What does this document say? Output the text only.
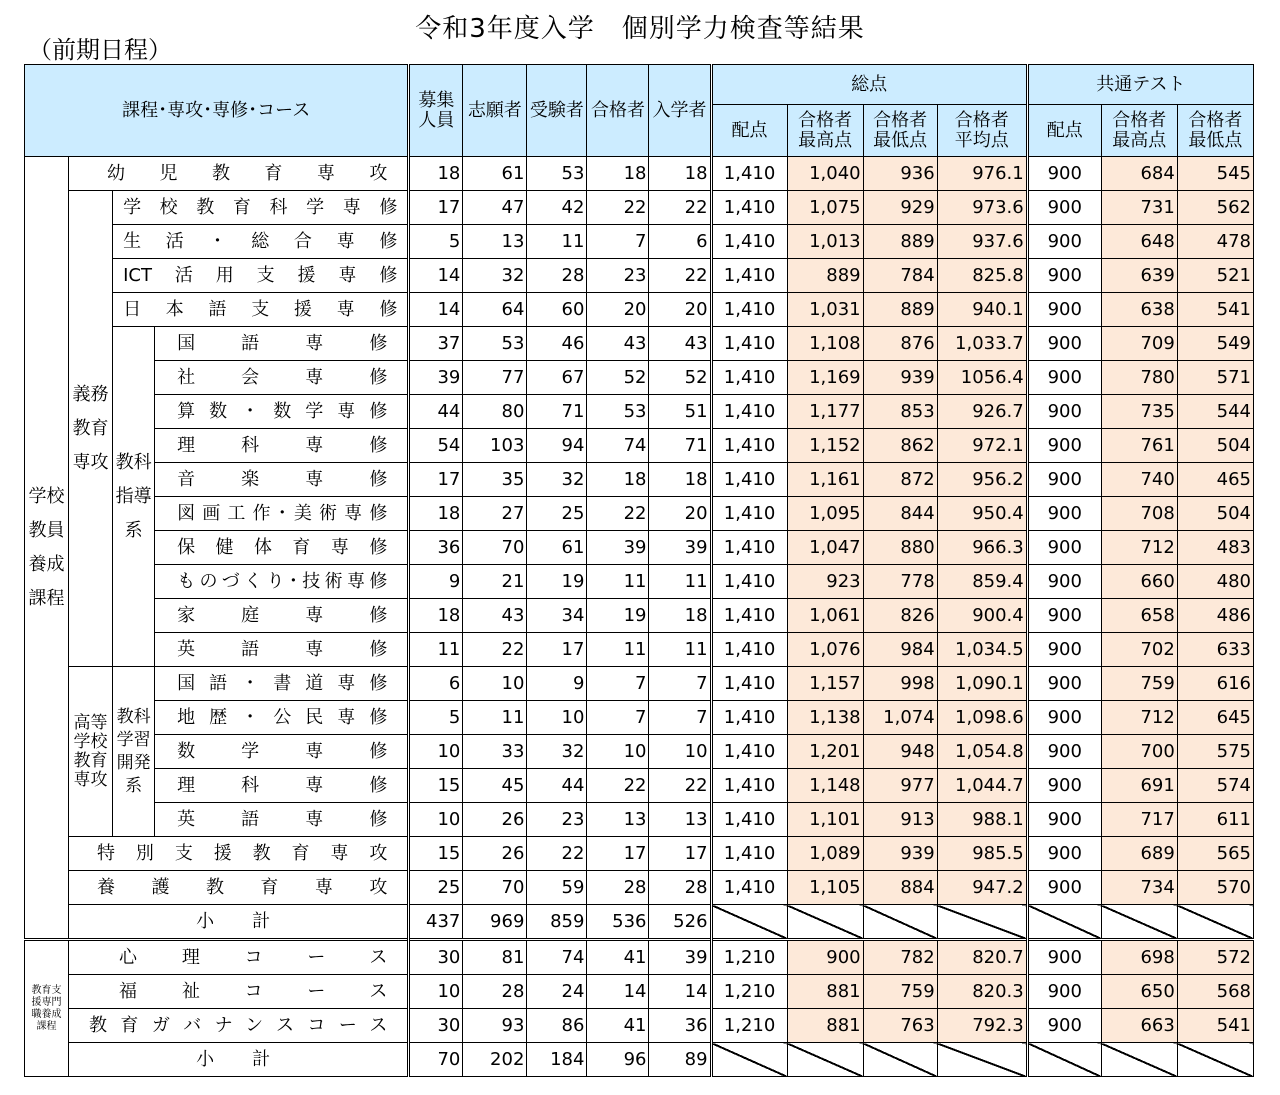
令和3年度入学　個別学力検査等結果
（前期日程）
課程･専攻･専修･コース				募集人員	志願者	受験者	合格者	入学者	総点				共通テスト		
									配点	合格者最高点	合格者最低点	合格者平均点	配点	合格者最高点	合格者最低点
学校教員養成課程	幼　児　教　育　専　攻			18	61	53	18	18	1,410	1,040	936	976.1	900	684	545
	義務教育専攻	学校教育科学専修		17	47	42	22	22	1,410	1,075	929	973.6	900	731	562
		生活・総合専修		5	13	11	7	6	1,410	1,013	889	937.6	900	648	478
		ICT活用支援専修		14	32	28	23	22	1,410	889	784	825.8	900	639	521
		日本語支援専修		14	64	60	20	20	1,410	1,031	889	940.1	900	638	541
		教科指導系	国語専修	37	53	46	43	43	1,410	1,108	876	1,033.7	900	709	549
			社会専修	39	77	67	52	52	1,410	1,169	939	1056.4	900	780	571
			算数・数学専修	44	80	71	53	51	1,410	1,177	853	926.7	900	735	544
			理科専修	54	103	94	74	71	1,410	1,152	862	972.1	900	761	504
			音楽専修	17	35	32	18	18	1,410	1,161	872	956.2	900	740	465
			図画工作･美術専修	18	27	25	22	20	1,410	1,095	844	950.4	900	708	504
			保健体育専修	36	70	61	39	39	1,410	1,047	880	966.3	900	712	483
			ものづくり･技術専修	9	21	19	11	11	1,410	923	778	859.4	900	660	480
			家庭専修	18	43	34	19	18	1,410	1,061	826	900.4	900	658	486
			英語専修	11	22	17	11	11	1,410	1,076	984	1,034.5	900	702	633
	高等学校教育専攻	教科学習開発系	国語・書道専修	6	10	9	7	7	1,410	1,157	998	1,090.1	900	759	616
			地歴・公民専修	5	11	10	7	7	1,410	1,138	1,074	1,098.6	900	712	645
			数学専修	10	33	32	10	10	1,410	1,201	948	1,054.8	900	700	575
			理科専修	15	45	44	22	22	1,410	1,148	977	1,044.7	900	691	574
			英語専修	10	26	23	13	13	1,410	1,101	913	988.1	900	717	611
	特別支援教育専攻			15	26	22	17	17	1,410	1,089	939	985.5	900	689	565
	養護教育専攻			25	70	59	28	28	1,410	1,105	884	947.2	900	734	570
	小　計			437	969	859	536	526							
教育支援専門職養成課程	心理コース			30	81	74	41	39	1,210	900	782	820.7	900	698	572
	福祉コース			10	28	24	14	14	1,210	881	759	820.3	900	650	568
	教育ガバナンスコース			30	93	86	41	36	1,210	881	763	792.3	900	663	541
	小　計			70	202	184	96	89							
